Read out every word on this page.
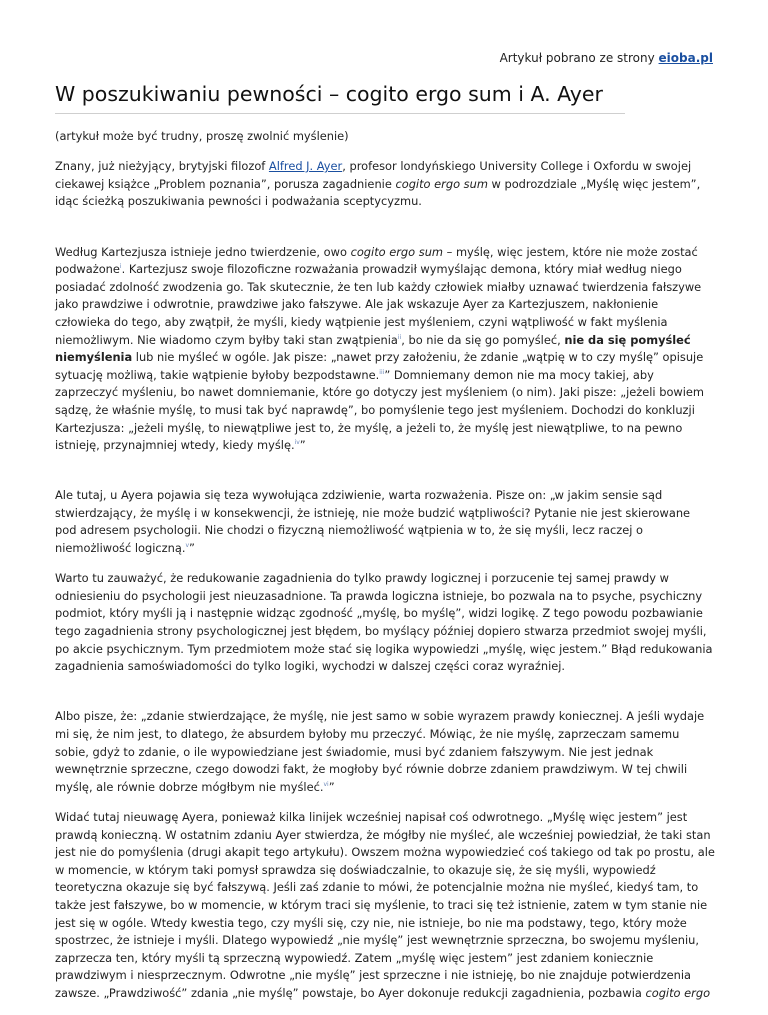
Artykuł pobrano ze strony eioba.pl
W poszukiwaniu pewności – cogito ergo sum i A. Ayer

(artykuł może być trudny, proszę zwolnić myślenie)

Znany, już nieżyjący, brytyjski filozof Alfred J. Ayer, profesor londyńskiego University College i Oxfordu w swojej ciekawej książce „Problem poznania”, porusza zagadnienie cogito ergo sum w podrozdziale „Myślę więc jestem”, idąc ścieżką poszukiwania pewności i podważania sceptycyzmu.

Według Kartezjusza istnieje jedno twierdzenie, owo cogito ergo sum – myślę, więc jestem, które nie może zostać podważone$^i$. Kartezjusz swoje filozoficzne rozważania prowadził wymyślając demona, który miał według niego posiadać zdolność zwodzenia go. Tak skutecznie, że ten lub każdy człowiek miałby uznawać twierdzenia fałszywe jako prawdziwe i odwrotnie, prawdziwe jako fałszywe. Ale jak wskazuje Ayer za Kartezjuszem, nakłonienie człowieka do tego, aby zwątpił, że myśli, kiedy wątpienie jest myśleniem, czyni wątpliwość w fakt myślenia niemożliwym. Nie wiadomo czym byłby taki stan zwątpienia$^{ii}$, bo nie da się go pomyśleć, nie da się pomyśleć niemyślenia lub nie myśleć w ogóle. Jak pisze: „nawet przy założeniu, że zdanie „wątpię w to czy myślę” opisuje sytuację możliwą, takie wątpienie byłoby bezpodstawne.$^{iii}$” Domniemany demon nie ma mocy takiej, aby zaprzeczyć myśleniu, bo nawet domniemanie, które go dotyczy jest myśleniem (o nim). Jaki pisze: „jeżeli bowiem sądzę, że właśnie myślę, to musi tak być naprawdę”, bo pomyślenie tego jest myśleniem. Dochodzi do konkluzji Kartezjusza: „jeżeli myślę, to niewątpliwe jest to, że myślę, a jeżeli to, że myślę jest niewątpliwe, to na pewno istnieję, przynajmniej wtedy, kiedy myślę.$^{iv}$”

Ale tutaj, u Ayera pojawia się teza wywołująca zdziwienie, warta rozważenia. Pisze on: „w jakim sensie sąd stwierdzający, że myślę i w konsekwencji, że istnieję, nie może budzić wątpliwości? Pytanie nie jest skierowane pod adresem psychologii. Nie chodzi o fizyczną niemożliwość wątpienia w to, że się myśli, lecz raczej o niemożliwość logiczną.$^v$”

Warto tu zauważyć, że redukowanie zagadnienia do tylko prawdy logicznej i porzucenie tej samej prawdy w odniesieniu do psychologii jest nieuzasadnione. Ta prawda logiczna istnieje, bo pozwala na to psyche, psychiczny podmiot, który myśli ją i następnie widząc zgodność „myślę, bo myślę”, widzi logikę. Z tego powodu pozbawianie tego zagadnienia strony psychologicznej jest błędem, bo myślący później dopiero stwarza przedmiot swojej myśli, po akcie psychicznym. Tym przedmiotem może stać się logika wypowiedzi „myślę, więc jestem.” Błąd redukowania zagadnienia samoświadomości do tylko logiki, wychodzi w dalszej części coraz wyraźniej.

Albo pisze, że: „zdanie stwierdzające, że myślę, nie jest samo w sobie wyrazem prawdy koniecznej. A jeśli wydaje mi się, że nim jest, to dlatego, że absurdem byłoby mu przeczyć. Mówiąc, że nie myślę, zaprzeczam samemu sobie, gdyż to zdanie, o ile wypowiedziane jest świadomie, musi być zdaniem fałszywym. Nie jest jednak wewnętrznie sprzeczne, czego dowodzi fakt, że mogłoby być równie dobrze zdaniem prawdziwym. W tej chwili myślę, ale równie dobrze mógłbym nie myśleć.$^{vi}$”

Widać tutaj nieuwagę Ayera, ponieważ kilka linijek wcześniej napisał coś odwrotnego. „Myślę więc jestem” jest prawdą konieczną. W ostatnim zdaniu Ayer stwierdza, że mógłby nie myśleć, ale wcześniej powiedział, że taki stan jest nie do pomyślenia (drugi akapit tego artykułu). Owszem można wypowiedzieć coś takiego od tak po prostu, ale w momencie, w którym taki pomysł sprawdza się doświadczalnie, to okazuje się, że się myśli, wypowiedź teoretyczna okazuje się być fałszywą. Jeśli zaś zdanie to mówi, że potencjalnie można nie myśleć, kiedyś tam, to także jest fałszywe, bo w momencie, w którym traci się myślenie, to traci się też istnienie, zatem w tym stanie nie jest się w ogóle. Wtedy kwestia tego, czy myśli się, czy nie, nie istnieje, bo nie ma podstawy, tego, który może spostrzec, że istnieje i myśli. Dlatego wypowiedź „nie myślę” jest wewnętrznie sprzeczna, bo swojemu myśleniu, zaprzecza ten, który myśli tą sprzeczną wypowiedź. Zatem „myślę więc jestem” jest zdaniem koniecznie prawdziwym i niesprzecznym. Odwrotne „nie myślę” jest sprzeczne i nie istnieję, bo nie znajduje potwierdzenia zawsze. „Prawdziwość” zdania „nie myślę” powstaje, bo Ayer dokonuje redukcji zagadnienia, pozbawia cogito ergo
